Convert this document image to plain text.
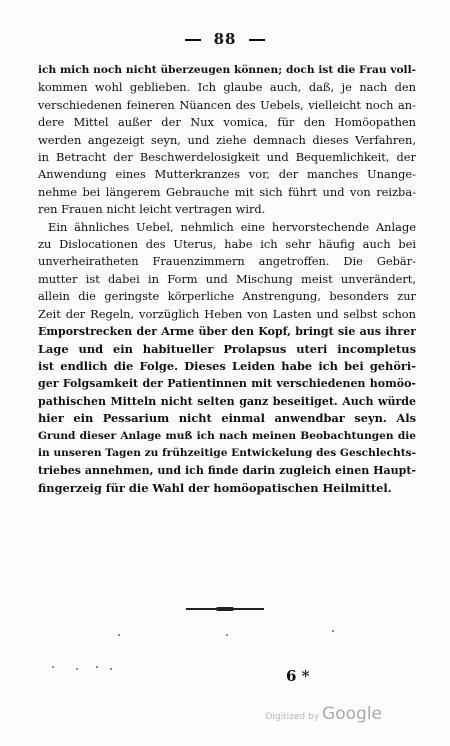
88
ich mich noch nicht überzeugen können; doch ist die Frau voll-
kommen wohl geblieben. Ich glaube auch, daß, je nach den
verschiedenen feineren Nüancen des Uebels, vielleicht noch an-
dere Mittel außer der Nux vomica, für den Homöopathen
werden angezeigt seyn, und ziehe demnach dieses Verfahren,
in Betracht der Beschwerdelosigkeit und Bequemlichkeit, der
Anwendung eines Mutterkranzes vor, der manches Unange-
nehme bei längerem Gebrauche mit sich führt und von reizba-
ren Frauen nicht leicht vertragen wird.
Ein ähnliches Uebel, nehmlich eine hervorstechende Anlage
zu Dislocationen des Uterus, habe ich sehr häufig auch bei
unverheiratheten Frauenzimmern angetroffen. Die Gebär-
mutter ist dabei in Form und Mischung meist unverändert,
allein die geringste körperliche Anstrengung, besonders zur
Zeit der Regeln, vorzüglich Heben von Lasten und selbst schon
Emporstrecken der Arme über den Kopf, bringt sie aus ihrer
Lage und ein habitueller Prolapsus uteri incompletus
ist endlich die Folge. Dieses Leiden habe ich bei gehöri-
ger Folgsamkeit der Patientinnen mit verschiedenen homöo-
pathischen Mitteln nicht selten ganz beseitiget. Auch würde
hier ein Pessarium nicht einmal anwendbar seyn. Als
Grund dieser Anlage muß ich nach meinen Beobachtungen die
in unseren Tagen zu frühzeitige Entwickelung des Geschlechts-
triebes annehmen, und ich finde darin zugleich einen Haupt-
fingerzeig für die Wahl der homöopatischen Heilmittel.
6 *
Digitized by Google
